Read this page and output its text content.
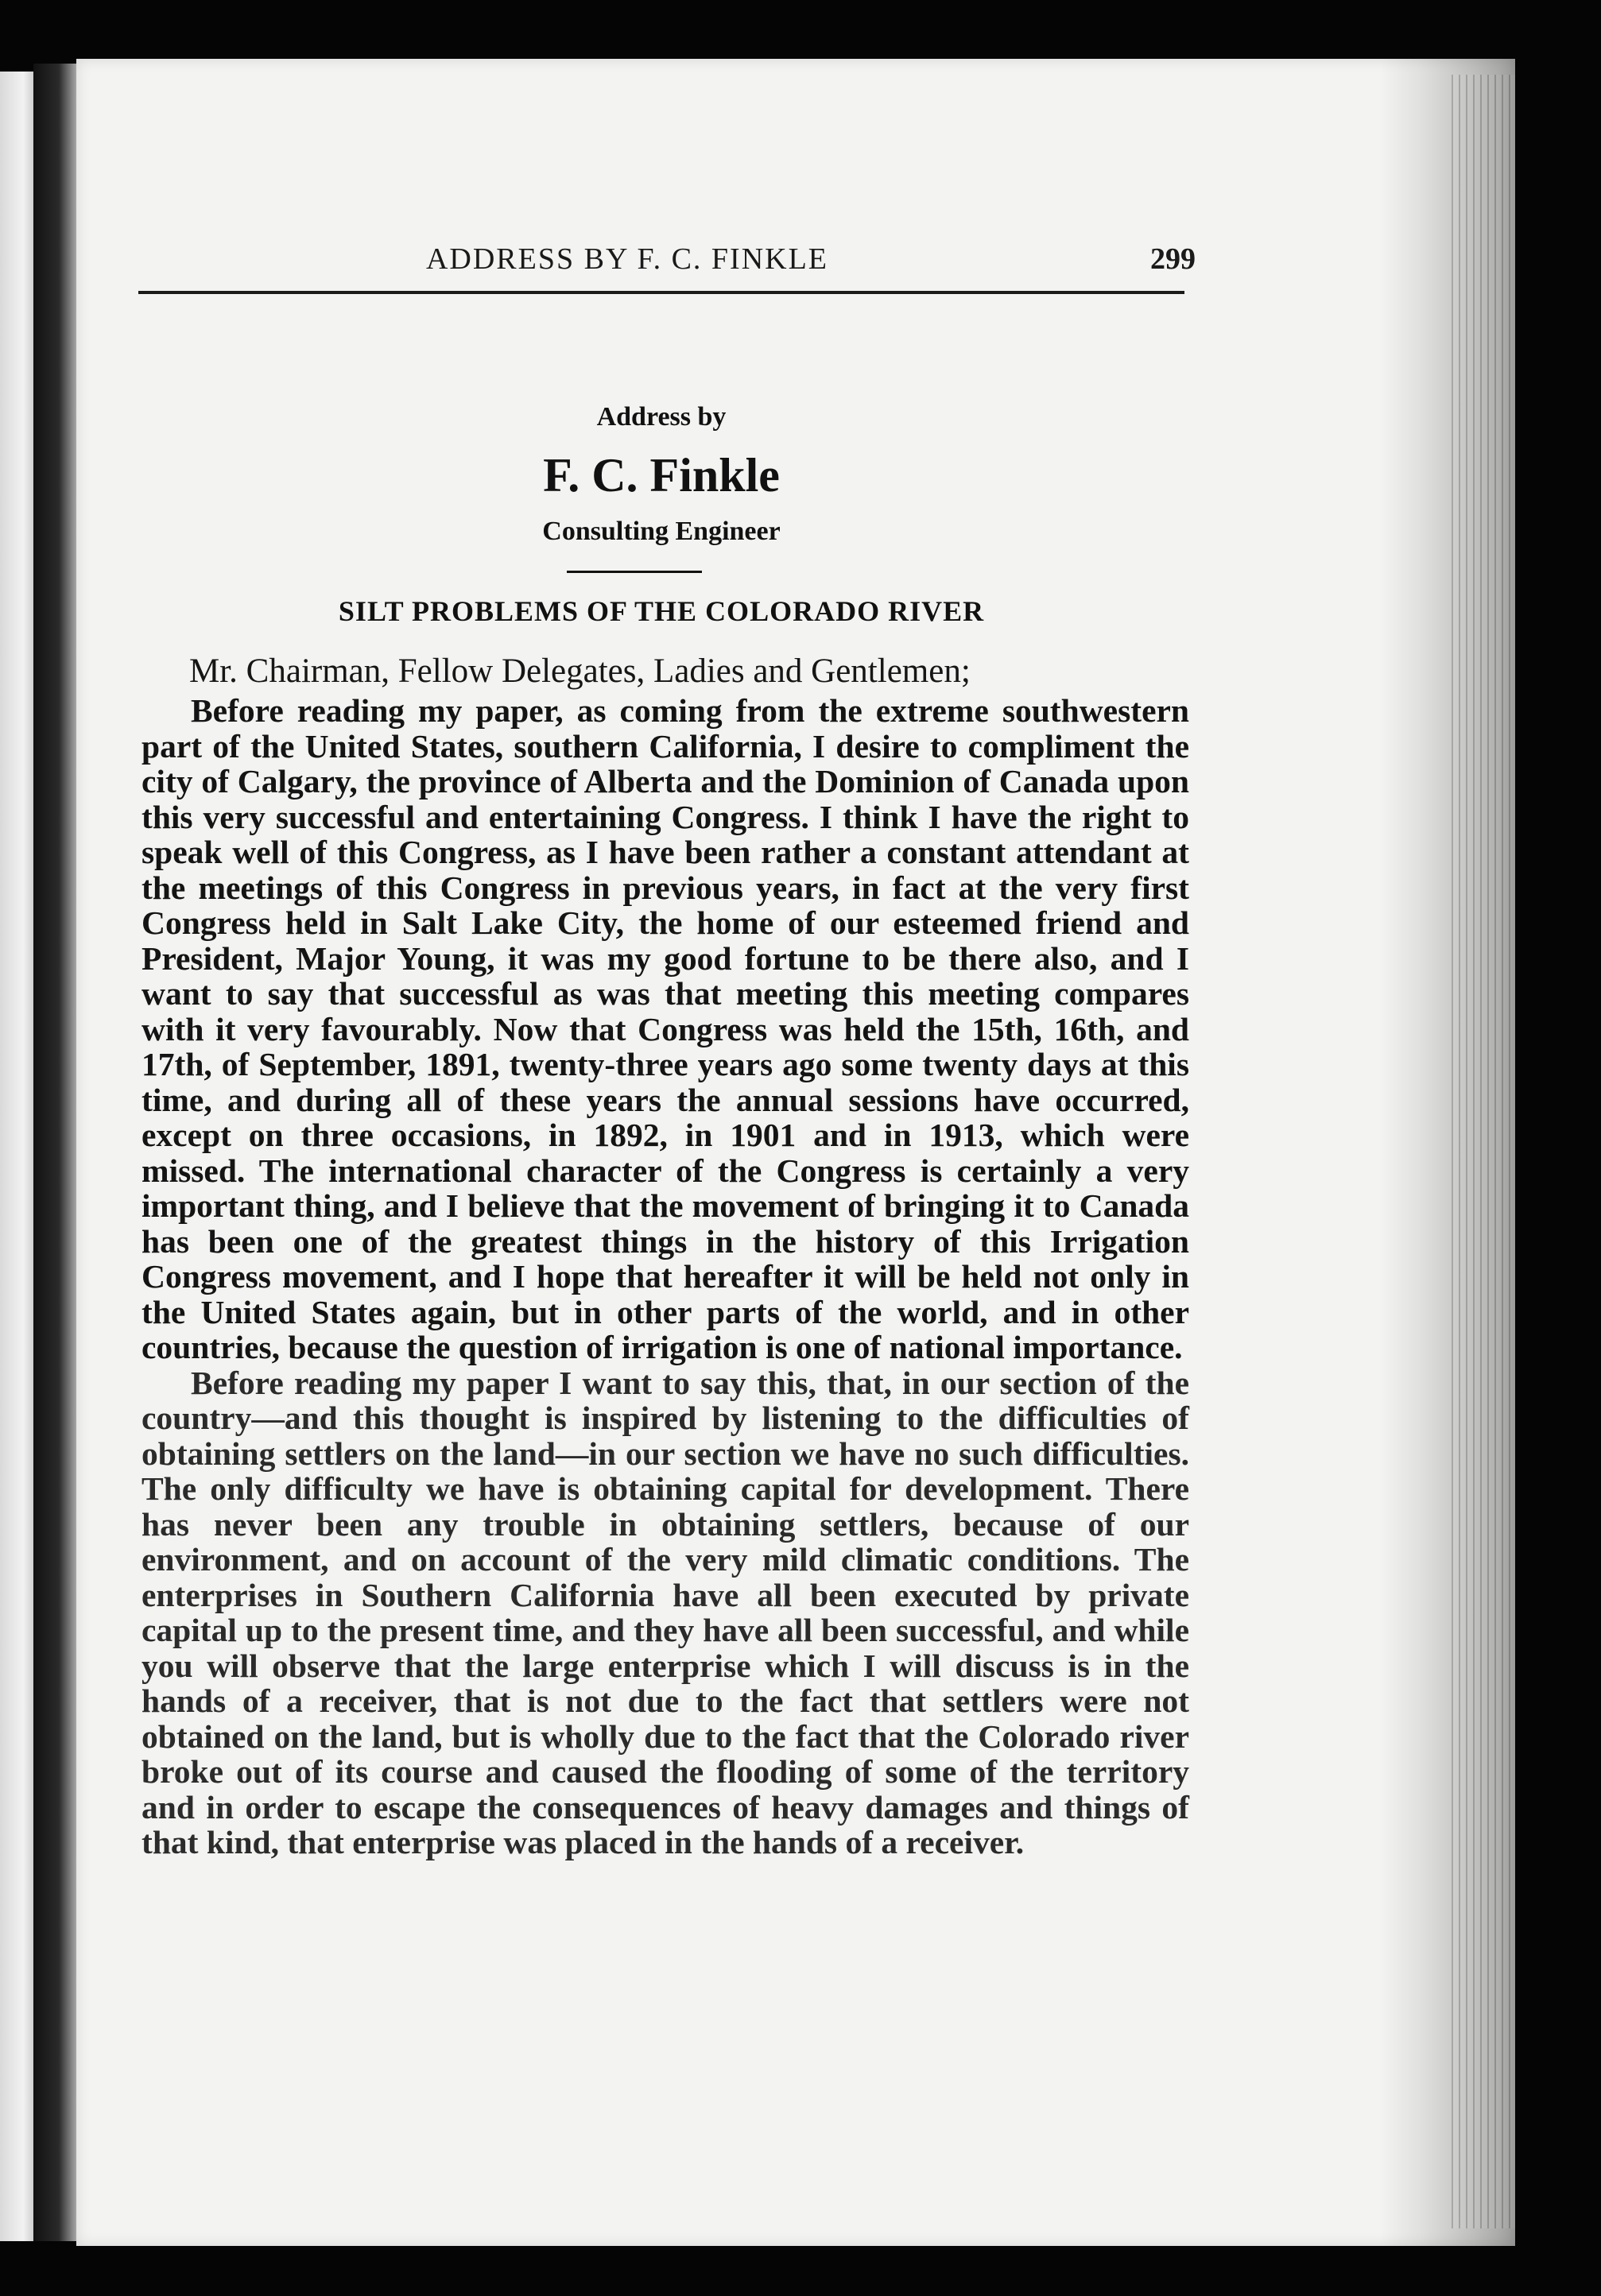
ADDRESS BY F. C. FINKLE	299
Address by
F. C. Finkle
Consulting Engineer
SILT PROBLEMS OF THE COLORADO RIVER
Mr. Chairman, Fellow Delegates, Ladies and Gentlemen;

Before reading my paper, as coming from the extreme southwestern part of the United States, southern California, I desire to compliment the city of Calgary, the province of Alberta and the Dominion of Canada upon this very successful and entertaining Congress. I think I have the right to speak well of this Congress, as I have been rather a constant attendant at the meetings of this Congress in previous years, in fact at the very first Congress held in Salt Lake City, the home of our esteemed friend and President, Major Young, it was my good fortune to be there also, and I want to say that successful as was that meeting this meeting compares with it very favourably. Now that Congress was held the 15th, 16th, and 17th, of September, 1891, twenty-three years ago some twenty days at this time, and during all of these years the annual sessions have occurred, except on three occasions, in 1892, in 1901 and in 1913, which were missed. The international character of the Congress is certainly a very important thing, and I believe that the movement of bringing it to Canada has been one of the greatest things in the history of this Irrigation Congress movement, and I hope that hereafter it will be held not only in the United States again, but in other parts of the world, and in other countries, because the question of irrigation is one of national importance.

Before reading my paper I want to say this, that, in our section of the country—and this thought is inspired by listening to the difficulties of obtaining settlers on the land—in our section we have no such difficulties. The only difficulty we have is obtaining capital for development. There has never been any trouble in obtaining settlers, because of our environment, and on account of the very mild climatic conditions. The enterprises in Southern California have all been executed by private capital up to the present time, and they have all been successful, and while you will observe that the large enterprise which I will discuss is in the hands of a receiver, that is not due to the fact that settlers were not obtained on the land, but is wholly due to the fact that the Colorado river broke out of its course and caused the flooding of some of the territory and in order to escape the consequences of heavy damages and things of that kind, that enterprise was placed in the hands of a receiver.
